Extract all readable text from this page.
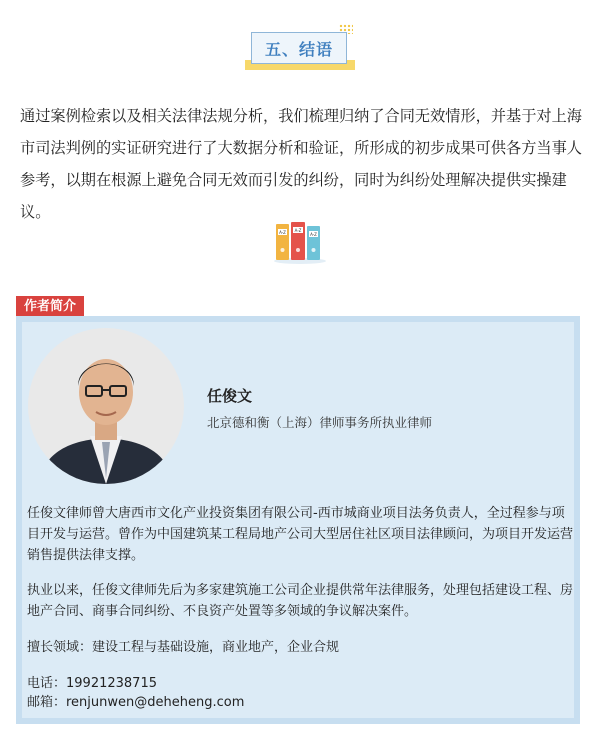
五、结语

通过案例检索以及相关法律法规分析，我们梳理归纳了合同无效情形，并基于对上海市司法判例的实证研究进行了大数据分析和验证，所形成的初步成果可供各方当事人参考，以期在根源上避免合同无效而引发的纠纷，同时为纠纷处理解决提供实操建议。

A-Z A-Z
A-Z
作者简介
任俊文
北京德和衡（上海）律师事务所执业律师

任俊文律师曾大唐西市文化产业投资集团有限公司-西市城商业项目法务负责人，全过程参与项目开发与运营。曾作为中国建筑某工程局地产公司大型居住社区项目法律顾问，为项目开发运营销售提供法律支撑。

执业以来，任俊文律师先后为多家建筑施工公司企业提供常年法律服务，处理包括建设工程、房地产合同、商事合同纠纷、不良资产处置等多领域的争议解决案件。

擅长领域：建设工程与基础设施，商业地产，企业合规

电话：19921238715

邮箱：renjunwen@deheheng.com
